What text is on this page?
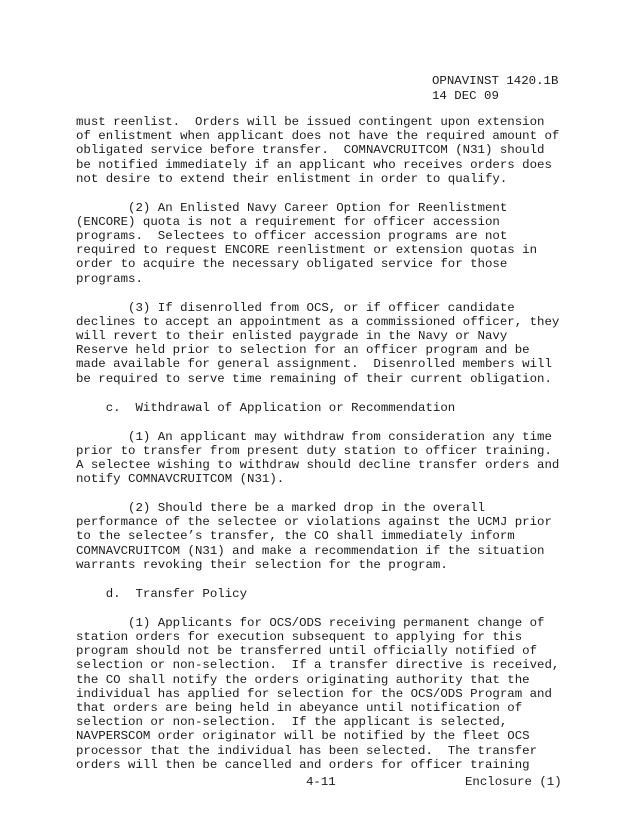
OPNAVINST 1420.1B
14 DEC 09
must reenlist.  Orders will be issued contingent upon extension
of enlistment when applicant does not have the required amount of
obligated service before transfer.  COMNAVCRUITCOM (N31) should
be notified immediately if an applicant who receives orders does
not desire to extend their enlistment in order to qualify.
(2) An Enlisted Navy Career Option for Reenlistment
(ENCORE) quota is not a requirement for officer accession
programs.  Selectees to officer accession programs are not
required to request ENCORE reenlistment or extension quotas in
order to acquire the necessary obligated service for those
programs.
(3) If disenrolled from OCS, or if officer candidate
declines to accept an appointment as a commissioned officer, they
will revert to their enlisted paygrade in the Navy or Navy
Reserve held prior to selection for an officer program and be
made available for general assignment.  Disenrolled members will
be required to serve time remaining of their current obligation.
c.  Withdrawal of Application or Recommendation
(1) An applicant may withdraw from consideration any time
prior to transfer from present duty station to officer training.
A selectee wishing to withdraw should decline transfer orders and
notify COMNAVCRUITCOM (N31).
(2) Should there be a marked drop in the overall
performance of the selectee or violations against the UCMJ prior
to the selectee’s transfer, the CO shall immediately inform
COMNAVCRUITCOM (N31) and make a recommendation if the situation
warrants revoking their selection for the program.
d.  Transfer Policy
(1) Applicants for OCS/ODS receiving permanent change of
station orders for execution subsequent to applying for this
program should not be transferred until officially notified of
selection or non-selection.  If a transfer directive is received,
the CO shall notify the orders originating authority that the
individual has applied for selection for the OCS/ODS Program and
that orders are being held in abeyance until notification of
selection or non-selection.  If the applicant is selected,
NAVPERSCOM order originator will be notified by the fleet OCS
processor that the individual has been selected.  The transfer
orders will then be cancelled and orders for officer training
4-11	Enclosure (1)
